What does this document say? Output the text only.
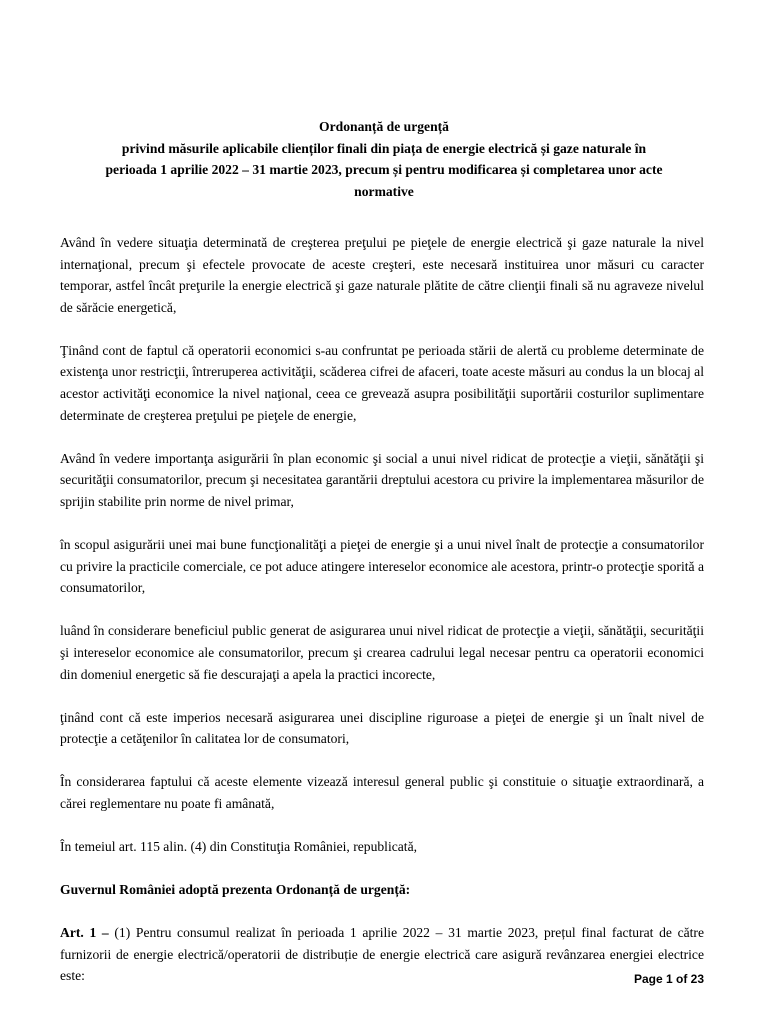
Ordonanță de urgență
privind măsurile aplicabile clienților finali din piața de energie electrică și gaze naturale în
perioada 1 aprilie 2022 – 31 martie 2023, precum și pentru modificarea și completarea unor acte
normative

Având în vedere situaţia determinată de creşterea preţului pe pieţele de energie electrică şi gaze naturale la nivel internaţional, precum şi efectele provocate de aceste creşteri, este necesară instituirea unor măsuri cu caracter temporar, astfel încât preţurile la energie electrică şi gaze naturale plătite de către clienţii finali să nu agraveze nivelul de sărăcie energetică,

Ţinând cont de faptul că operatorii economici s-au confruntat pe perioada stării de alertă cu probleme determinate de existenţa unor restricţii, întreruperea activităţii, scăderea cifrei de afaceri, toate aceste măsuri au condus la un blocaj al acestor activităţi economice la nivel naţional, ceea ce grevează asupra posibilităţii suportării costurilor suplimentare determinate de creşterea preţului pe pieţele de energie,

Având în vedere importanţa asigurării în plan economic şi social a unui nivel ridicat de protecţie a vieţii, sănătăţii şi securităţii consumatorilor, precum şi necesitatea garantării dreptului acestora cu privire la implementarea măsurilor de sprijin stabilite prin norme de nivel primar,

în scopul asigurării unei mai bune funcţionalităţi a pieţei de energie şi a unui nivel înalt de protecţie a consumatorilor cu privire la practicile comerciale, ce pot aduce atingere intereselor economice ale acestora, printr-o protecţie sporită a consumatorilor,

luând în considerare beneficiul public generat de asigurarea unui nivel ridicat de protecţie a vieţii, sănătăţii, securităţii şi intereselor economice ale consumatorilor, precum şi crearea cadrului legal necesar pentru ca operatorii economici din domeniul energetic să fie descurajaţi a apela la practici incorecte,

ţinând cont că este imperios necesară asigurarea unei discipline riguroase a pieţei de energie şi un înalt nivel de protecţie a cetăţenilor în calitatea lor de consumatori,

În considerarea faptului că aceste elemente vizează interesul general public şi constituie o situaţie extraordinară, a cărei reglementare nu poate fi amânată,

În temeiul art. 115 alin. (4) din Constituţia României, republicată,

Guvernul României adoptă prezenta Ordonanță de urgență:

Art. 1 – (1) Pentru consumul realizat în perioada 1 aprilie 2022 – 31 martie 2023, prețul final facturat de către furnizorii de energie electrică/operatorii de distribuție de energie electrică care asigură revânzarea energiei electrice este:	Page 1 of 23
